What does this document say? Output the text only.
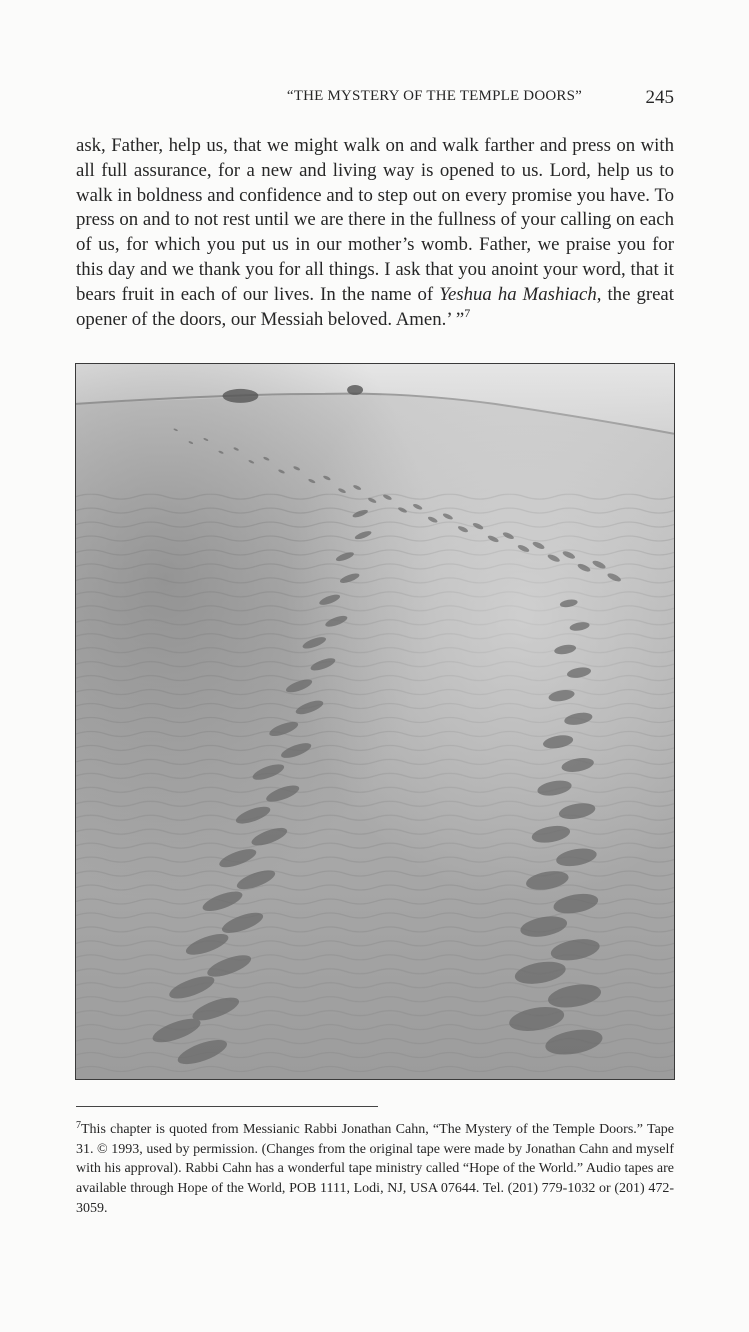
“THE MYSTERY OF THE TEMPLE DOORS”	245

ask, Father, help us, that we might walk on and walk farther and press on with all full assurance, for a new and living way is opened to us. Lord, help us to walk in boldness and confidence and to step out on every promise you have. To press on and to not rest until we are there in the fullness of your calling on each of us, for which you put us in our mother’s womb. Father, we praise you for this day and we thank you for all things. I ask that you anoint your word, that it bears fruit in each of our lives. In the name of Yeshua ha Mashiach, the great opener of the doors, our Messiah beloved. Amen.’ ”$^7$

$^7$This chapter is quoted from Messianic Rabbi Jonathan Cahn, “The Mystery of the Temple Doors.” Tape 31. © 1993, used by permission. (Changes from the original tape were made by Jonathan Cahn and myself with his approval). Rabbi Cahn has a wonderful tape ministry called “Hope of the World.” Audio tapes are available through Hope of the World, POB 1111, Lodi, NJ, USA 07644. Tel. (201) 779-1032 or (201) 472-3059.
